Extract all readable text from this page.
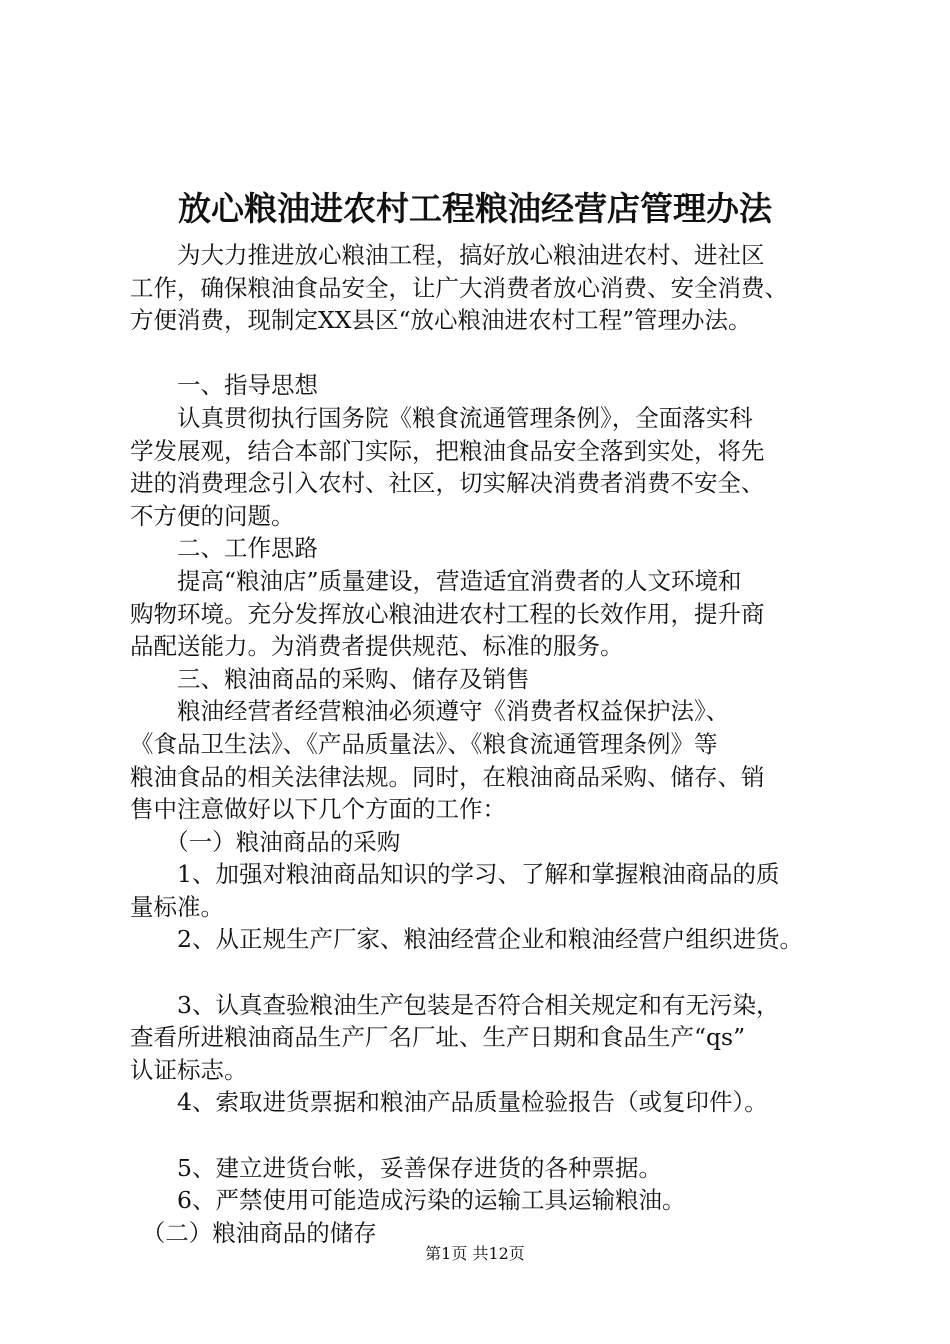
放心粮油进农村工程粮油经营店管理办法
　　为大力推进放心粮油工程，搞好放心粮油进农村、进社区
工作，确保粮油食品安全，让广大消费者放心消费、安全消费、
方便消费，现制定XX县区“放心粮油进农村工程”管理办法。
　　一、指导思想
　　认真贯彻执行国务院《粮食流通管理条例》，全面落实科
学发展观，结合本部门实际，把粮油食品安全落到实处，将先
进的消费理念引入农村、社区，切实解决消费者消费不安全、
不方便的问题。
　　二、工作思路
　　提高“粮油店”质量建设，营造适宜消费者的人文环境和
购物环境。充分发挥放心粮油进农村工程的长效作用，提升商
品配送能力。为消费者提供规范、标准的服务。
　　三、粮油商品的采购、储存及销售
　　粮油经营者经营粮油必须遵守《消费者权益保护法》、
《食品卫生法》、《产品质量法》、《粮食流通管理条例》等
粮油食品的相关法律法规。同时，在粮油商品采购、储存、销
售中注意做好以下几个方面的工作：
　　（一）粮油商品的采购
　　1、加强对粮油商品知识的学习、了解和掌握粮油商品的质
量标准。
　　2、从正规生产厂家、粮油经营企业和粮油经营户组织进货。
　　3、认真查验粮油生产包装是否符合相关规定和有无污染，
查看所进粮油商品生产厂名厂址、生产日期和食品生产“qs”
认证标志。
　　4、索取进货票据和粮油产品质量检验报告（或复印件）。
　　5、建立进货台帐，妥善保存进货的各种票据。
　　6、严禁使用可能造成污染的运输工具运输粮油。
　（二）粮油商品的储存
第1页 共12页
